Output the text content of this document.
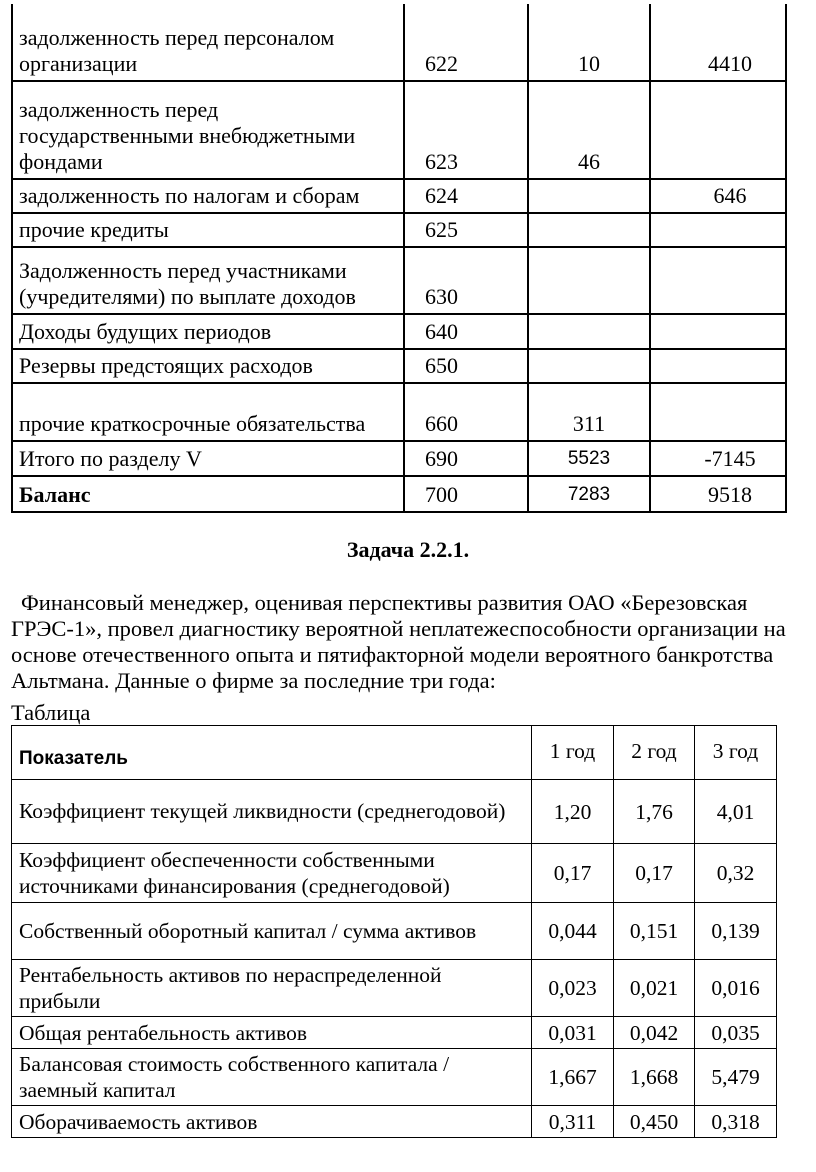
задолженность перед персоналом организации	622	10	4410
задолженность перед государственными внебюджетными фондами	623	46	
задолженность по налогам и сборам	624		646
прочие кредиты	625		
Задолженность перед участниками (учредителями) по выплате доходов	630		
Доходы будущих периодов	640		
Резервы предстоящих расходов	650		
прочие краткосрочные обязательства	660	311	
Итого по разделу V	690	5523	-7145
Баланс	700	7283	9518
Задача 2.2.1.

Финансовый менеджер, оценивая перспективы развития ОАО «Березовская ГРЭС-1», провел диагностику вероятной неплатежеспособности организации на основе отечественного опыта и пятифакторной модели вероятного банкротства Альтмана. Данные о фирме за последние три года:

Таблица
Показатель	1 год	2 год	3 год
Коэффициент текущей ликвидности (среднегодовой)	1,20	1,76	4,01
Коэффициент обеспеченности собственными источниками финансирования (среднегодовой)	0,17	0,17	0,32
Собственный оборотный капитал / сумма активов	0,044	0,151	0,139
Рентабельность активов по нераспределенной прибыли	0,023	0,021	0,016
Общая рентабельность активов	0,031	0,042	0,035
Балансовая стоимость собственного капитала / заемный капитал	1,667	1,668	5,479
Оборачиваемость активов	0,311	0,450	0,318
